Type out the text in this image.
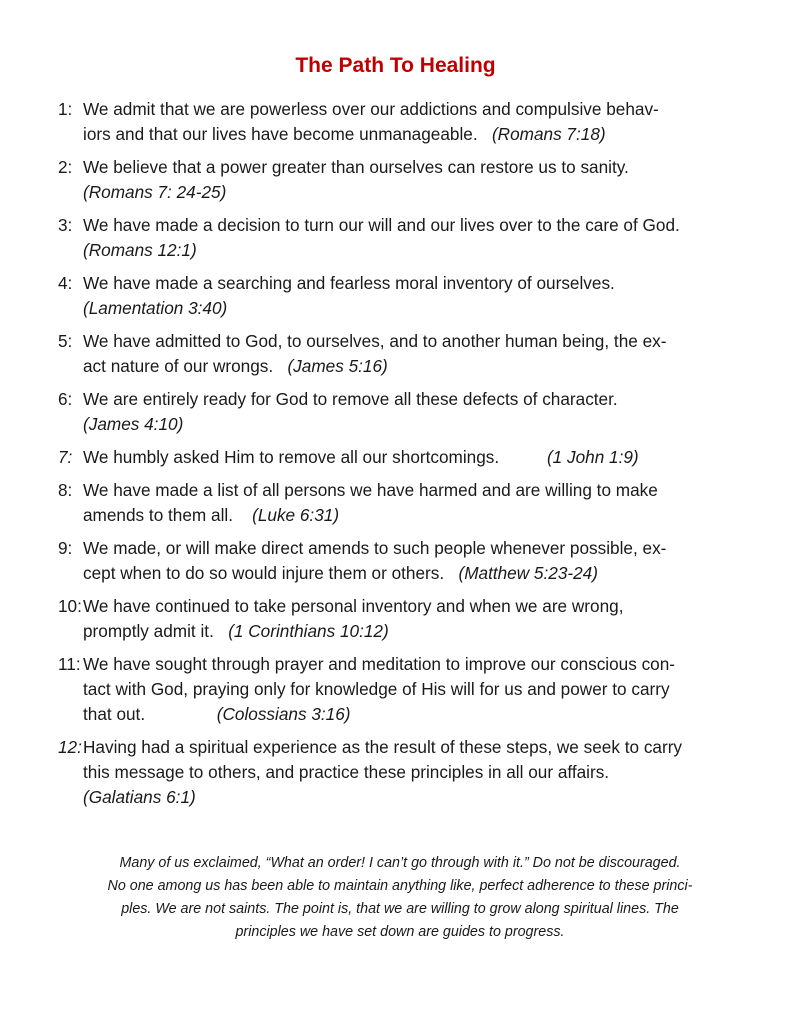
The Path To Healing
1: We admit that we are powerless over our addictions and compulsive behav-
iors and that our lives have become unmanageable. (Romans 7:18)
2: We believe that a power greater than ourselves can restore us to sanity.
(Romans 7: 24-25)
3: We have made a decision to turn our will and our lives over to the care of God.
(Romans 12:1)
4: We have made a searching and fearless moral inventory of ourselves.
(Lamentation 3:40)
5: We have admitted to God, to ourselves, and to another human being, the ex-
act nature of our wrongs. (James 5:16)
6: We are entirely ready for God to remove all these defects of character.
(James 4:10)
7: We humbly asked Him to remove all our shortcomings.	(1 John 1:9)
8: We have made a list of all persons we have harmed and are willing to make
amends to them all. (Luke 6:31)
9: We made, or will make direct amends to such people whenever possible, ex-
cept when to do so would injure them or others. (Matthew 5:23-24)
10: We have continued to take personal inventory and when we are wrong,
promptly admit it. (1 Corinthians 10:12)
11: We have sought through prayer and meditation to improve our conscious con-
tact with God, praying only for knowledge of His will for us and power to carry
that out.	(Colossians 3:16)
12: Having had a spiritual experience as the result of these steps, we seek to carry
this message to others, and practice these principles in all our affairs.
(Galatians 6:1)
Many of us exclaimed, “What an order! I can’t go through with it.” Do not be discouraged.
No one among us has been able to maintain anything like, perfect adherence to these princi-
ples. We are not saints. The point is, that we are willing to grow along spiritual lines. The
principles we have set down are guides to progress.
